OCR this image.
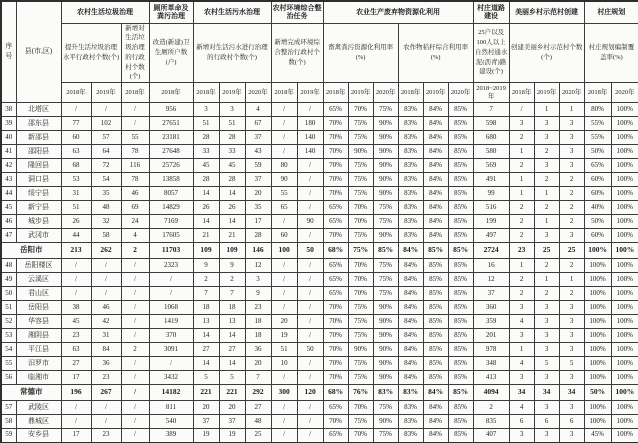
序号	县(市,区)	农村生活垃圾治理			厕所革命及粪污治理	农村生活污水治理			农村环境综合整治任务		农业生产废弃物资源化利用						村庄道路建设	美丽乡村示范村创建			村庄规划	
		提升生活垃圾治理水平行政村个数(个)		新增对生活垃圾治理的行政村个数(个)	改造(新建)卫生厕所户数(户)	新增对生活污水进行治理的行政村个数(个)			新增完成环境综合整治行政村个数(个)		畜禽粪污资源化利用率(%)			农作物秸秆综合利用率(%)			25户以及100人以上自然村通水泥(沥青)路建设(个)	创建美丽乡村示范村个数(个)			村庄规划编制覆盖率(%)	
		2018年	2019年	2018年	2018年	2018年	2019年	2020年	2018年	2019年	2018年	2019年	2020年	2018年	2019年	2020年	2018~2019年	2018年	2019年	2020年	2018年	2020年
38	北塔区	/	/	/	956	3	3	4	/	/	65%	70%	75%	83%	84%	85%	7	/	1	1	80%	100%
39	邵东县	77	102	/	27651	51	51	67	/	180	70%	75%	90%	83%	84%	85%	598	3	3	3	55%	100%
40	新邵县	60	57	55	23181	28	28	37	/	140	70%	75%	90%	83%	84%	85%	680	2	3	3	55%	100%
41	邵阳县	63	64	78	27648	33	33	43	/	140	70%	90%	90%	83%	84%	85%	580	1	2	3	50%	100%
42	隆回县	68	72	116	25726	45	45	59	80	/	70%	75%	90%	83%	84%	85%	569	2	3	3	65%	100%
43	洞口县	53	54	78	13858	28	28	37	90	/	70%	75%	90%	83%	84%	85%	491	1	2	2	60%	100%
44	绥宁县	31	35	46	8057	14	14	20	55	/	70%	75%	90%	83%	84%	85%	99	1	1	2	60%	100%
45	新宁县	51	48	69	14829	26	26	35	65	/	65%	70%	75%	83%	84%	85%	516	2	2	2	40%	100%
46	城步县	26	32	24	7169	14	14	17	/	90	65%	70%	75%	83%	84%	85%	199	2	1	2	50%	100%
47	武冈市	44	58	4	17605	21	21	28	60	/	70%	75%	90%	83%	84%	85%	497	2	3	3	60%	100%
岳阳市		213	262	2	11703	109	109	146	100	50	68%	75%	85%	84%	85%	85%	2724	23	25	25	100%	100%
48	岳阳楼区	/	/	/	2323	9	9	12	/	/	65%	70%	75%	84%	85%	85%	16	1	2	2	100%	100%
49	云溪区	/	/	/	/	2	2	3	/	/	65%	70%	75%	84%	85%	85%	12	2	1	1	100%	100%
50	君山区	/	/	/	/	7	7	9	/	/	65%	70%	75%	84%	85%	85%	37	2	2	2	100%	100%
51	岳阳县	38	46	/	1068	18	18	23	/	/	70%	75%	90%	84%	85%	85%	360	3	3	3	100%	100%
52	华容县	45	42	/	1419	13	13	18	20	/	70%	75%	90%	84%	85%	85%	359	4	3	3	100%	100%
53	湘阴县	23	31	/	370	14	14	18	19	/	70%	75%	90%	84%	85%	85%	201	3	3	3	100%	100%
54	平江县	63	84	2	3091	27	27	36	51	50	70%	90%	90%	84%	85%	85%	978	1	3	3	100%	100%
55	汨罗市	27	36	/	/	14	14	20	10	/	70%	75%	90%	84%	85%	85%	348	4	5	5	100%	100%
56	临湘市	17	23	/	3432	5	5	7	/	/	70%	75%	90%	84%	85%	85%	413	3	3	3	100%	100%
常德市		196	267	/	14182	221	221	292	300	120	68%	76%	83%	83%	84%	85%	4094	34	34	34	50%	100%
57	武陵区	/	/	/	811	20	20	27	/	/	65%	70%	75%	83%	84%	85%	2	4	3	3	100%	100%
58	鼎城区	/	/	/	540	37	37	48	/	/	70%	75%	90%	83%	84%	85%	835	6	6	6	100%	100%
59	安乡县	17	23	/	389	19	19	25	/	/	65%	70%	75%	83%	84%	85%	407	3	3	3	45%	100%
